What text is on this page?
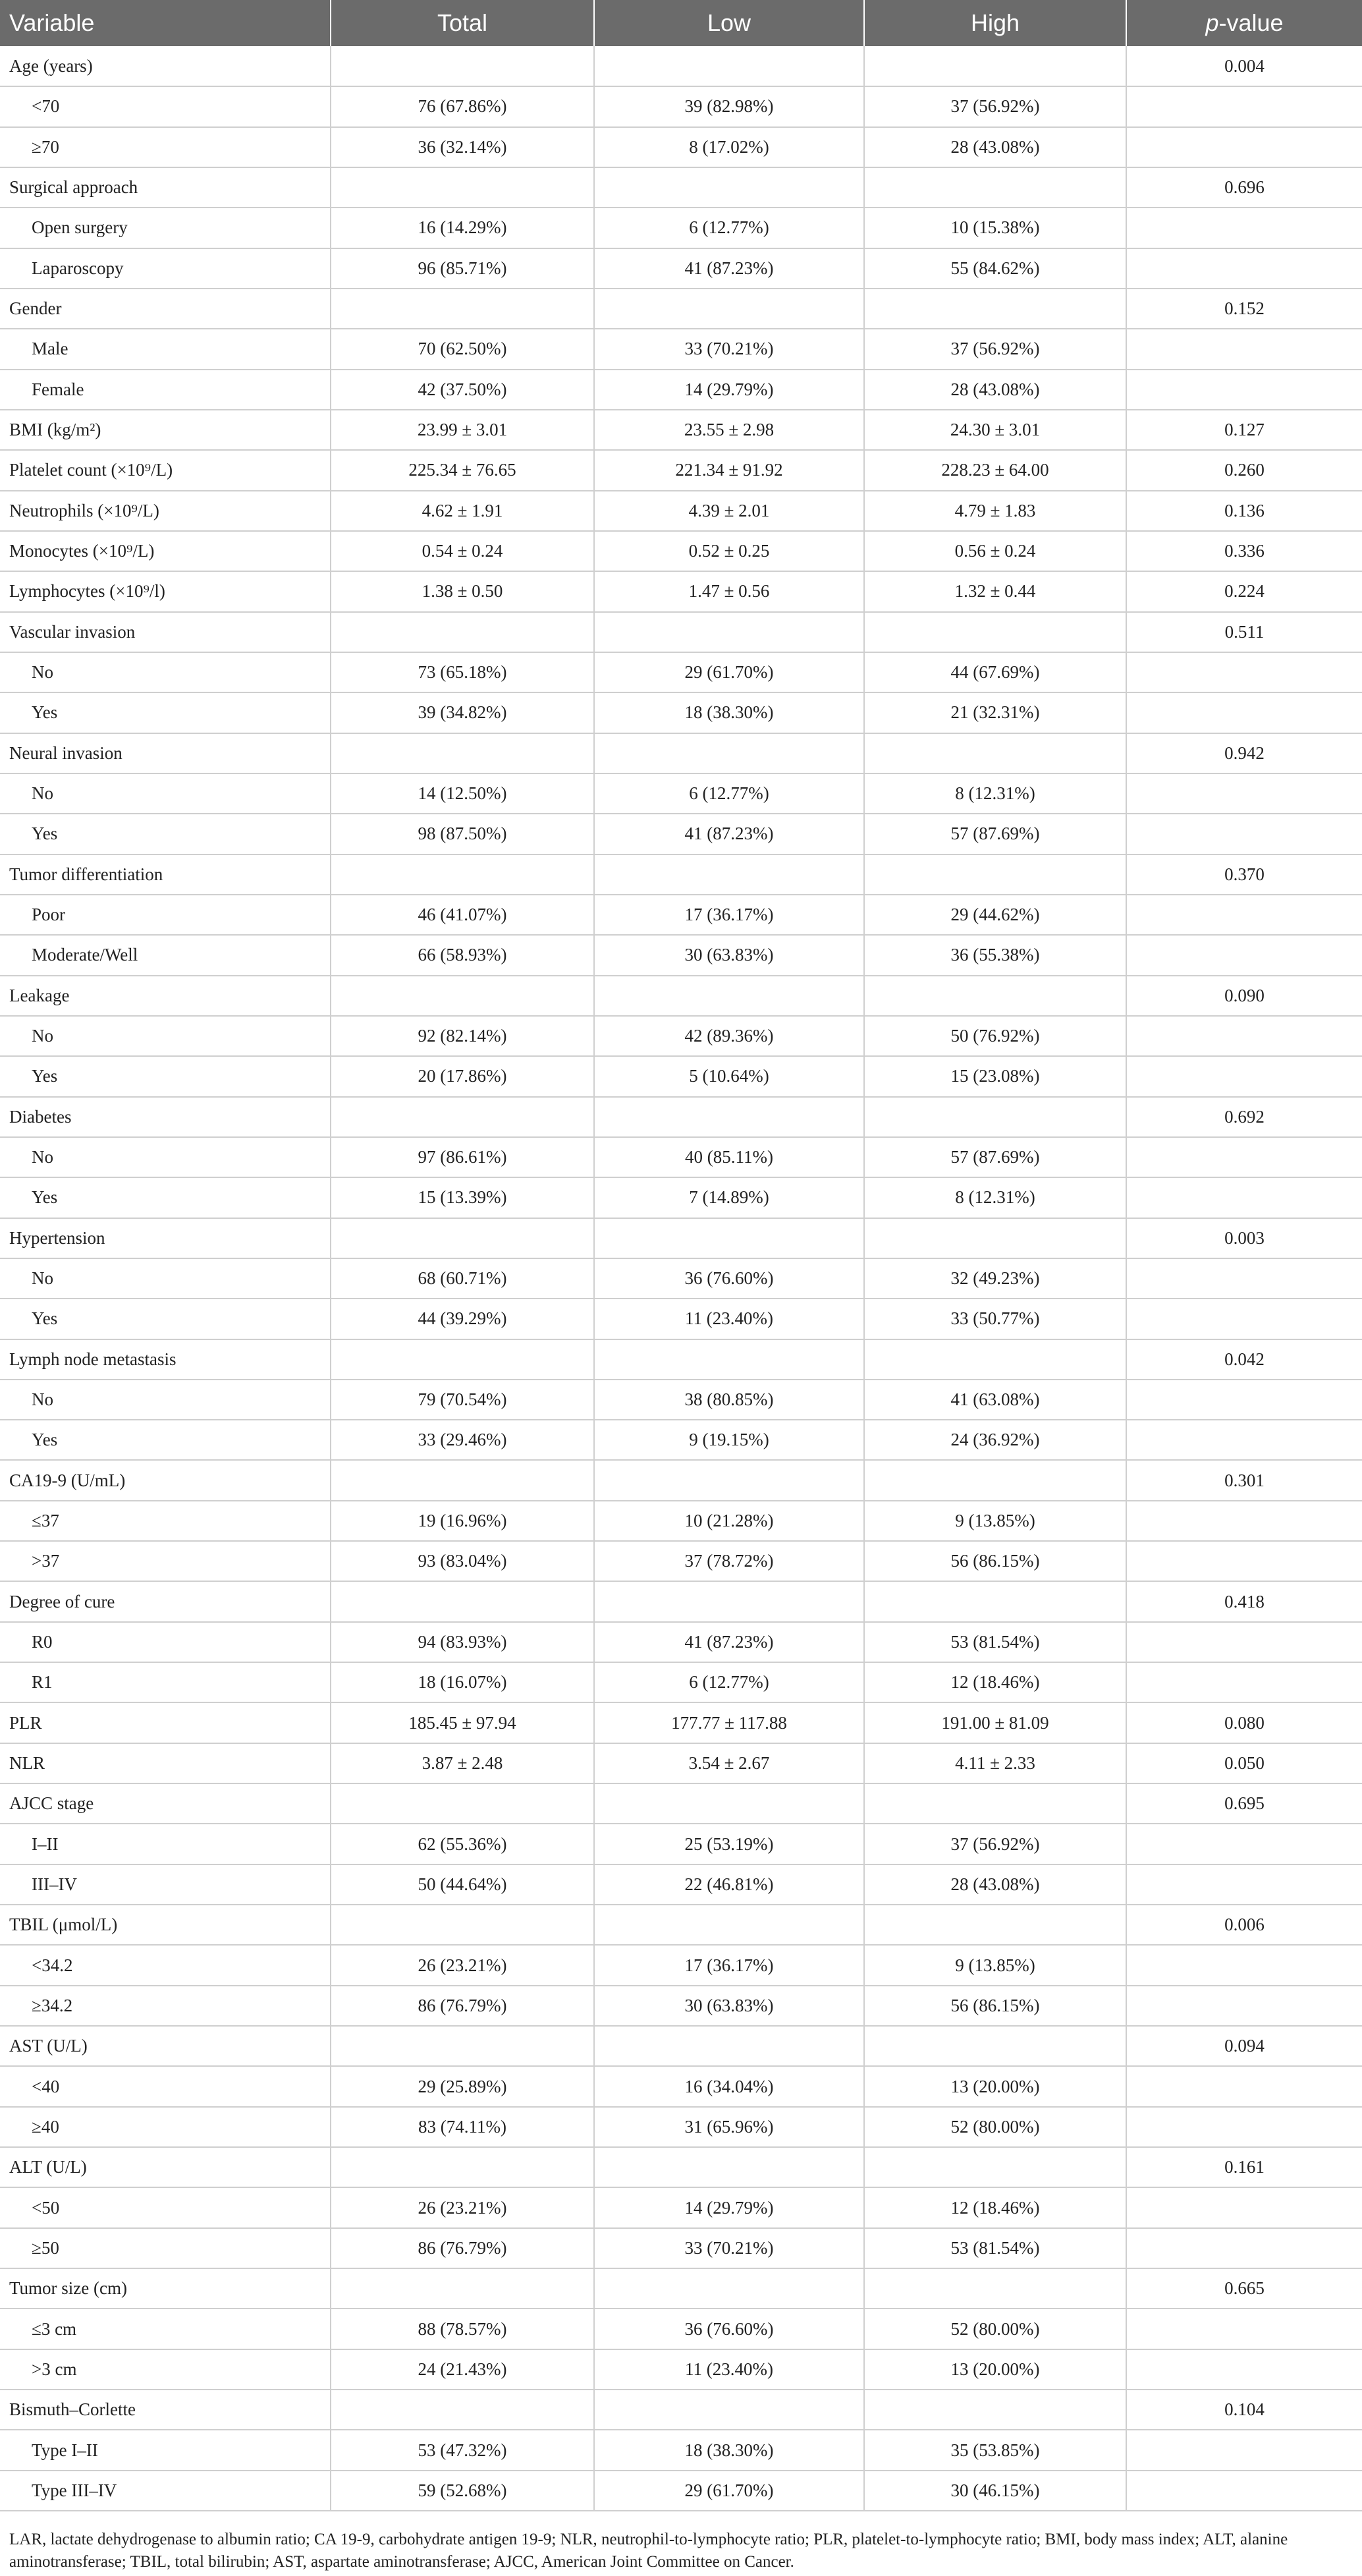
Variable	Total	Low	High	p-value
Age (years)				0.004
<70	76 (67.86%)	39 (82.98%)	37 (56.92%)	
≥70	36 (32.14%)	8 (17.02%)	28 (43.08%)	
Surgical approach				0.696
Open surgery	16 (14.29%)	6 (12.77%)	10 (15.38%)	
Laparoscopy	96 (85.71%)	41 (87.23%)	55 (84.62%)	
Gender				0.152
Male	70 (62.50%)	33 (70.21%)	37 (56.92%)	
Female	42 (37.50%)	14 (29.79%)	28 (43.08%)	
BMI (kg/m²)	23.99 ± 3.01	23.55 ± 2.98	24.30 ± 3.01	0.127
Platelet count (×10⁹/L)	225.34 ± 76.65	221.34 ± 91.92	228.23 ± 64.00	0.260
Neutrophils (×10⁹/L)	4.62 ± 1.91	4.39 ± 2.01	4.79 ± 1.83	0.136
Monocytes (×10⁹/L)	0.54 ± 0.24	0.52 ± 0.25	0.56 ± 0.24	0.336
Lymphocytes (×10⁹/l)	1.38 ± 0.50	1.47 ± 0.56	1.32 ± 0.44	0.224
Vascular invasion				0.511
No	73 (65.18%)	29 (61.70%)	44 (67.69%)	
Yes	39 (34.82%)	18 (38.30%)	21 (32.31%)	
Neural invasion				0.942
No	14 (12.50%)	6 (12.77%)	8 (12.31%)	
Yes	98 (87.50%)	41 (87.23%)	57 (87.69%)	
Tumor differentiation				0.370
Poor	46 (41.07%)	17 (36.17%)	29 (44.62%)	
Moderate/Well	66 (58.93%)	30 (63.83%)	36 (55.38%)	
Leakage				0.090
No	92 (82.14%)	42 (89.36%)	50 (76.92%)	
Yes	20 (17.86%)	5 (10.64%)	15 (23.08%)	
Diabetes				0.692
No	97 (86.61%)	40 (85.11%)	57 (87.69%)	
Yes	15 (13.39%)	7 (14.89%)	8 (12.31%)	
Hypertension				0.003
No	68 (60.71%)	36 (76.60%)	32 (49.23%)	
Yes	44 (39.29%)	11 (23.40%)	33 (50.77%)	
Lymph node metastasis				0.042
No	79 (70.54%)	38 (80.85%)	41 (63.08%)	
Yes	33 (29.46%)	9 (19.15%)	24 (36.92%)	
CA19-9 (U/mL)				0.301
≤37	19 (16.96%)	10 (21.28%)	9 (13.85%)	
>37	93 (83.04%)	37 (78.72%)	56 (86.15%)	
Degree of cure				0.418
R0	94 (83.93%)	41 (87.23%)	53 (81.54%)	
R1	18 (16.07%)	6 (12.77%)	12 (18.46%)	
PLR	185.45 ± 97.94	177.77 ± 117.88	191.00 ± 81.09	0.080
NLR	3.87 ± 2.48	3.54 ± 2.67	4.11 ± 2.33	0.050
AJCC stage				0.695
I–II	62 (55.36%)	25 (53.19%)	37 (56.92%)	
III–IV	50 (44.64%)	22 (46.81%)	28 (43.08%)	
TBIL (μmol/L)				0.006
<34.2	26 (23.21%)	17 (36.17%)	9 (13.85%)	
≥34.2	86 (76.79%)	30 (63.83%)	56 (86.15%)	
AST (U/L)				0.094
<40	29 (25.89%)	16 (34.04%)	13 (20.00%)	
≥40	83 (74.11%)	31 (65.96%)	52 (80.00%)	
ALT (U/L)				0.161
<50	26 (23.21%)	14 (29.79%)	12 (18.46%)	
≥50	86 (76.79%)	33 (70.21%)	53 (81.54%)	
Tumor size (cm)				0.665
≤3 cm	88 (78.57%)	36 (76.60%)	52 (80.00%)	
>3 cm	24 (21.43%)	11 (23.40%)	13 (20.00%)	
Bismuth–Corlette				0.104
Type I–II	53 (47.32%)	18 (38.30%)	35 (53.85%)	
Type III–IV	59 (52.68%)	29 (61.70%)	30 (46.15%)	
LAR, lactate dehydrogenase to albumin ratio; CA 19-9, carbohydrate antigen 19-9; NLR, neutrophil-to-lymphocyte ratio; PLR, platelet-to-lymphocyte ratio; BMI, body mass index; ALT, alanine aminotransferase; TBIL, total bilirubin; AST, aspartate aminotransferase; AJCC, American Joint Committee on Cancer.
